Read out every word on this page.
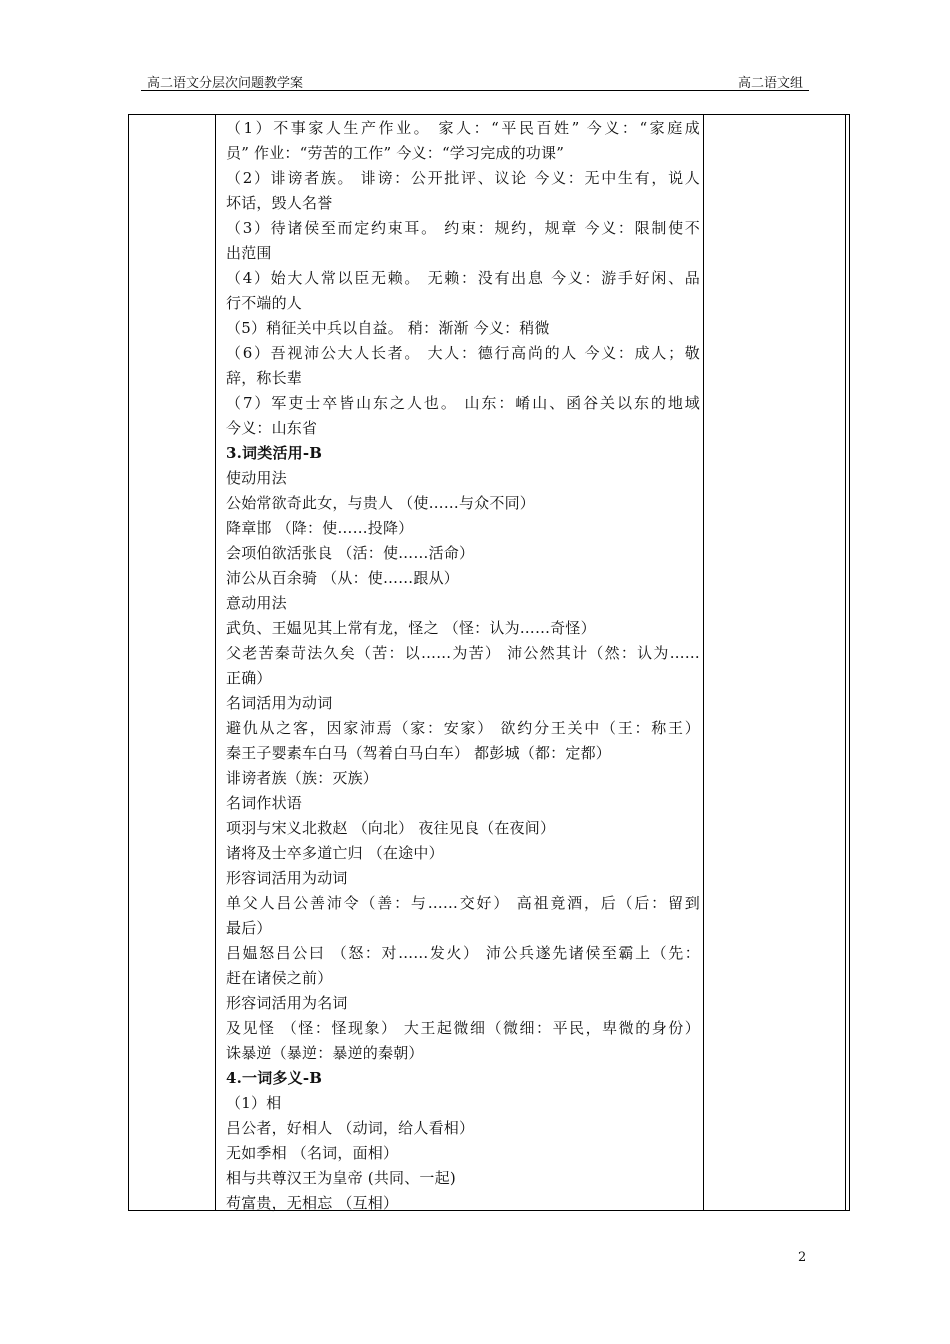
高二语文分层次问题教学案	高二语文组
（1）不事家人生产作业。 家人：“平民百姓” 今义：“家庭成
员” 作业：“劳苦的工作” 今义：“学习完成的功课”
（2）诽谤者族。 诽谤：公开批评、议论 今义：无中生有，说人
坏话，毁人名誉
（3）待诸侯至而定约束耳。 约束：规约，规章 今义：限制使不
出范围
（4）始大人常以臣无赖。 无赖：没有出息 今义：游手好闲、品
行不端的人
（5）稍征关中兵以自益。 稍：渐渐 今义：稍微
（6）吾视沛公大人长者。 大人：德行高尚的人 今义：成人；敬
辞，称长辈
（7）军吏士卒皆山东之人也。 山东：崤山、函谷关以东的地域
今义：山东省
3.词类活用-B
使动用法
公始常欲奇此女，与贵人 （使……与众不同）
降章邯 （降：使……投降）
会项伯欲活张良 （活：使……活命）
沛公从百余骑 （从：使……跟从）
意动用法
武负、王媪见其上常有龙，怪之 （怪：认为……奇怪）
父老苦秦苛法久矣（苦：以……为苦） 沛公然其计（然：认为……
正确）
名词活用为动词
避仇从之客，因家沛焉（家：安家） 欲约分王关中（王：称王）
秦王子婴素车白马（驾着白马白车） 都彭城（都：定都）
诽谤者族（族：灭族）
名词作状语
项羽与宋义北救赵 （向北） 夜往见良（在夜间）
诸将及士卒多道亡归 （在途中）
形容词活用为动词
单父人吕公善沛令（善：与……交好） 高祖竟酒，后（后：留到
最后）
吕媪怒吕公曰 （怒：对……发火） 沛公兵遂先诸侯至霸上（先：
赶在诸侯之前）
形容词活用为名词
及见怪 （怪：怪现象） 大王起微细（微细：平民，卑微的身份）
诛暴逆（暴逆：暴逆的秦朝）
4.一词多义-B
（1）相
吕公者，好相人 （动词，给人看相）
无如季相 （名词，面相）
相与共尊汉王为皇帝 (共同、一起)
苟富贵，无相忘 （互相）
2
